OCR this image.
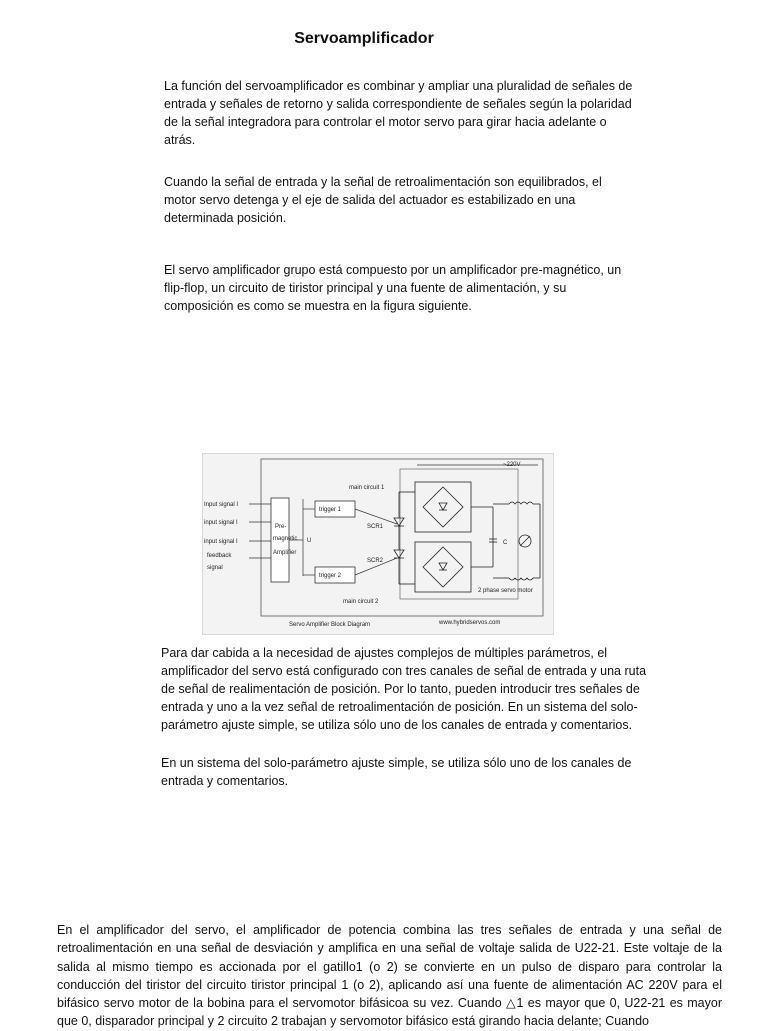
Servoamplificador

La función del servoamplificador es combinar y ampliar una pluralidad de señales de entrada y señales de retorno y salida correspondiente de señales según la polaridad de la señal integradora para controlar el motor servo para girar hacia adelante o atrás.

Cuando la señal de entrada y la señal de retroalimentación son equilibrados, el motor servo detenga y el eje de salida del actuador es estabilizado en una determinada posición.

El servo amplificador grupo está compuesto por un amplificador pre-magnético, un flip-flop, un circuito de tiristor principal y una fuente de alimentación, y su composición es como se muestra en la figura siguiente.

Input signal I
input signal I
input signal I
feedback
signal
Pre-
magnetic
Amplifier
U
trigger 1
trigger 2
main circuit 1
main circuit 2
SCR1
SCR2
~220V
C
2 phase servo motor
Servo Amplifier Block Diagram	www.hybridservos.com

Para dar cabida a la necesidad de ajustes complejos de múltiples parámetros, el amplificador del servo está configurado con tres canales de señal de entrada y una ruta de señal de realimentación de posición. Por lo tanto, pueden introducir tres señales de entrada y uno a la vez señal de retroalimentación de posición. En un sistema del solo-parámetro ajuste simple, se utiliza sólo uno de los canales de entrada y comentarios.

En un sistema del solo-parámetro ajuste simple, se utiliza sólo uno de los canales de entrada y comentarios.

En el amplificador del servo, el amplificador de potencia combina las tres señales de entrada y una señal de retroalimentación en una señal de desviación y amplifica en una señal de voltaje salida de U22-21. Este voltaje de la salida al mismo tiempo es accionada por el gatillo1 (o 2) se convierte en un pulso de disparo para controlar la conducción del tiristor del circuito tiristor principal 1 (o 2), aplicando así una fuente de alimentación AC 220V para el bifásico servo motor de la bobina para el servomotor bifásicoa su vez. Cuando △1 es mayor que 0, U22-21 es mayor que 0, disparador principal y 2 circuito 2 trabajan y servomotor bifásico está girando hacia delante; Cuando
